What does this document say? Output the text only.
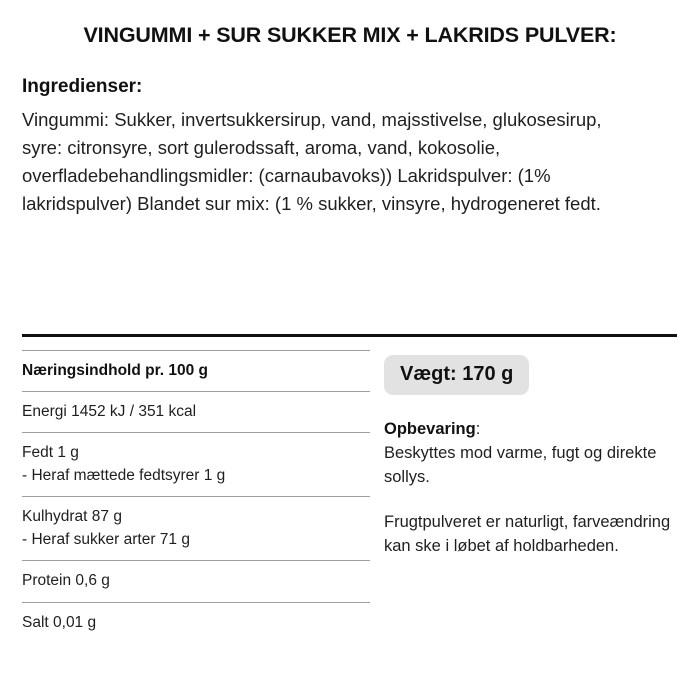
VINGUMMI + SUR SUKKER MIX + LAKRIDS PULVER:
Ingredienser:
Vingummi: Sukker, invertsukkersirup, vand, majsstivelse, glukosesirup, syre: citronsyre, sort gulerodssaft, aroma, vand, kokosolie, overfladebehandlingsmidler: (carnaubavoks)) Lakridspulver: (1% lakridspulver) Blandet sur mix: (1 % sukker, vinsyre, hydrogeneret fedt.
Næringsindhold pr. 100 g

Energi 1452 kJ / 351 kcal

Fedt 1 g
- Heraf mættede fedtsyrer 1 g

Kulhydrat 87 g
- Heraf sukker arter 71 g

Protein 0,6 g

Salt 0,01 g
Vægt: 170 g
Opbevaring:
Beskyttes mod varme, fugt og direkte sollys.
Frugtpulveret er naturligt, farveændring kan ske i løbet af holdbarheden.
